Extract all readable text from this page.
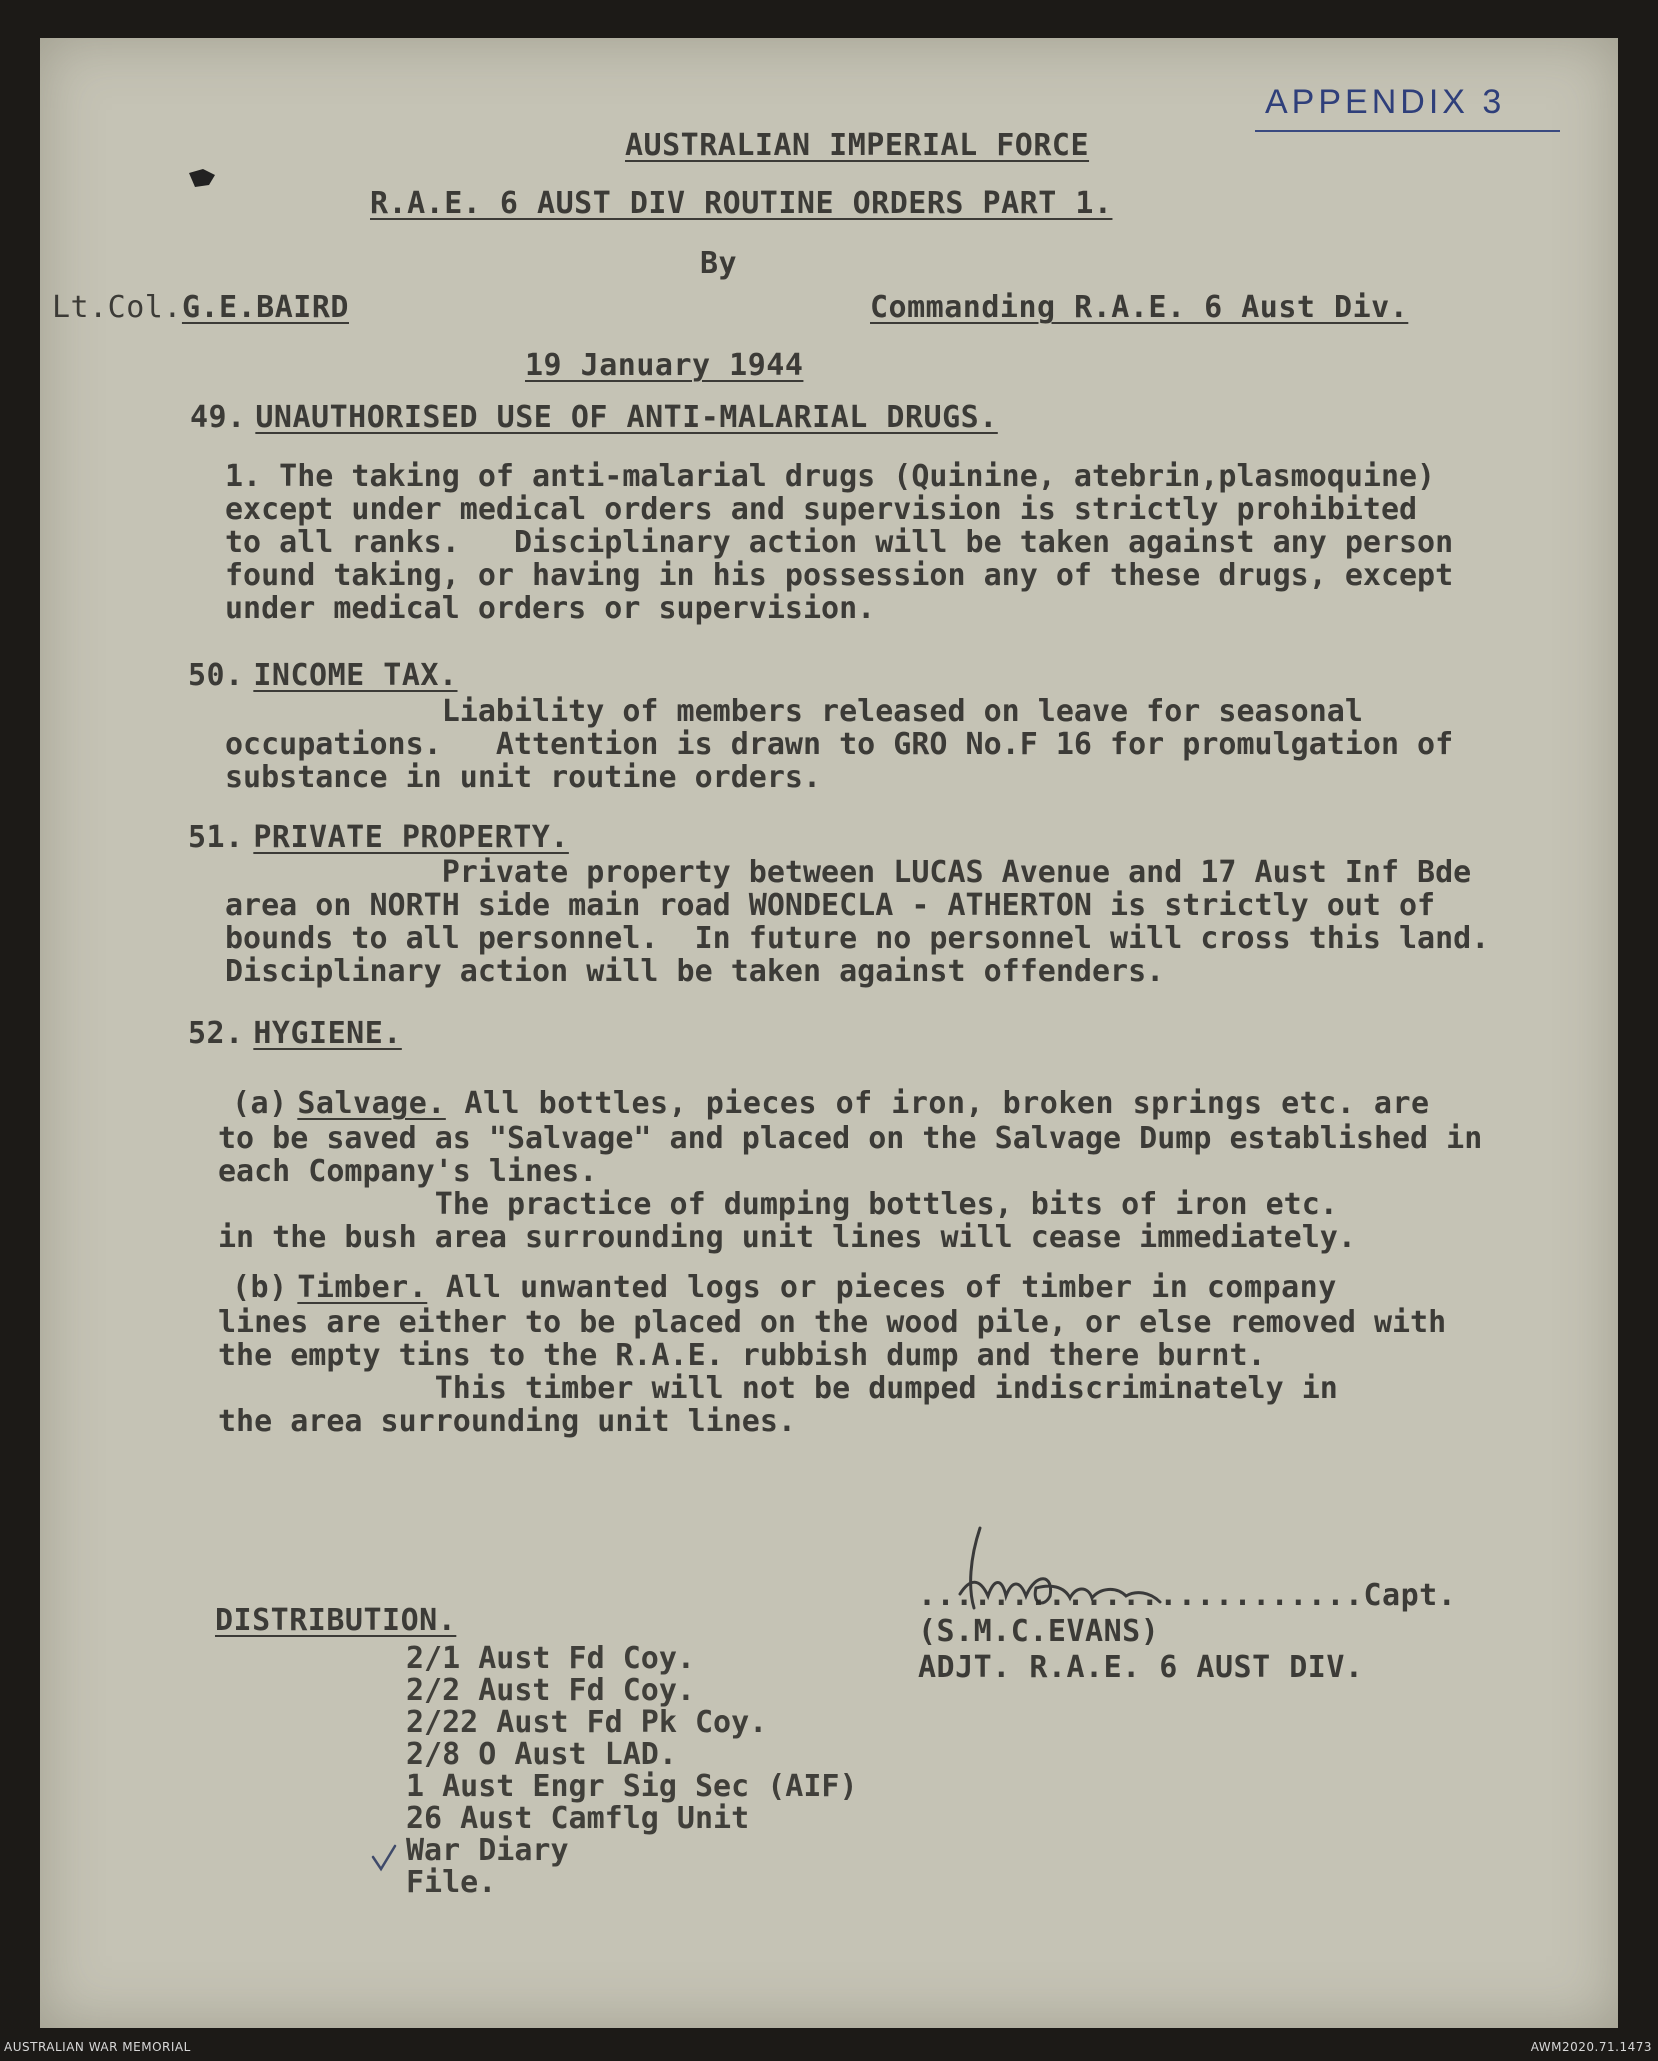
APPENDIX 3
AUSTRALIAN IMPERIAL FORCE
R.A.E. 6 AUST DIV ROUTINE ORDERS PART 1.
By
Lt.Col.G.E.BAIRD	Commanding R.A.E. 6 Aust Div.
19 January 1944
49. UNAUTHORISED USE OF ANTI-MALARIAL DRUGS.
1. The taking of anti-malarial drugs (Quinine, atebrin,plasmoquine)
except under medical orders and supervision is strictly prohibited
to all ranks.   Disciplinary action will be taken against any person
found taking, or having in his possession any of these drugs, except
under medical orders or supervision.
50. INCOME TAX.
Liability of members released on leave for seasonal
occupations.   Attention is drawn to GRO No.F 16 for promulgation of
substance in unit routine orders.
51. PRIVATE PROPERTY.
Private property between LUCAS Avenue and 17 Aust Inf Bde
area on NORTH side main road WONDECLA - ATHERTON is strictly out of
bounds to all personnel.  In future no personnel will cross this land.
Disciplinary action will be taken against offenders.
52. HYGIENE.
(a) Salvage. All bottles, pieces of iron, broken springs etc. are
to be saved as "Salvage" and placed on the Salvage Dump established in
each Company's lines.
The practice of dumping bottles, bits of iron etc.
in the bush area surrounding unit lines will cease immediately.
(b) Timber. All unwanted logs or pieces of timber in company
lines are either to be placed on the wood pile, or else removed with
the empty tins to the R.A.E. rubbish dump and there burnt.
This timber will not be dumped indiscriminately in
the area surrounding unit lines.
........................Capt.
(S.M.C.EVANS)
ADJT. R.A.E. 6 AUST DIV.
DISTRIBUTION.
2/1 Aust Fd Coy.
2/2 Aust Fd Coy.
2/22 Aust Fd Pk Coy.
2/8 O Aust LAD.
1 Aust Engr Sig Sec (AIF)
26 Aust Camflg Unit
War Diary
File.
AUSTRALIAN WAR MEMORIAL	AWM2020.71.1473
